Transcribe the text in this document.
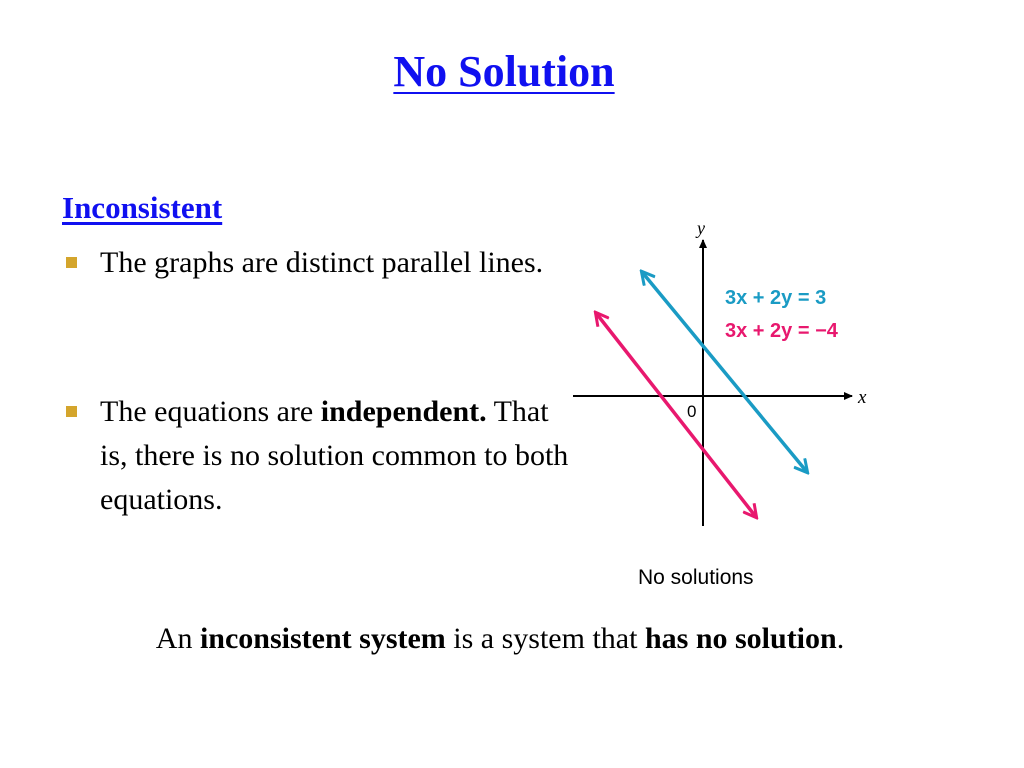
No Solution
Inconsistent
The graphs are distinct parallel lines.
The equations are independent. That is, there is no solution common to both equations.
y
x
0
3x + 2y = 3
3x + 2y = −4
No solutions
An inconsistent system is a system that has no solution.
